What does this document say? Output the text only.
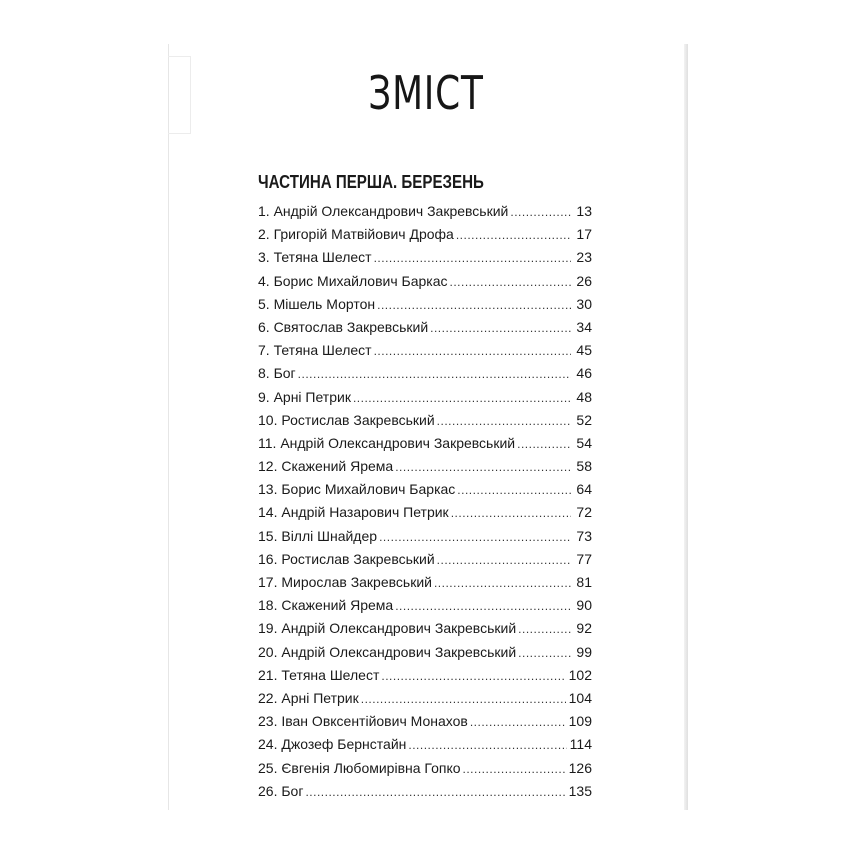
ЗМІСТ
ЧАСТИНА ПЕРША. БЕРЕЗЕНЬ
1. Андрій Олександрович Закревський .....	13
2. Григорій Матвійович Дрофа .....	17
3. Тетяна Шелест .....	23
4. Борис Михайлович Баркас .....	26
5. Мішель Мортон .....	30
6. Святослав Закревський .....	34
7. Тетяна Шелест .....	45
8. Бог .....	46
9. Арні Петрик .....	48
10. Ростислав Закревський .....	52
11. Андрій Олександрович Закревський .....	54
12. Скажений Ярема .....	58
13. Борис Михайлович Баркас .....	64
14. Андрій Назарович Петрик .....	72
15. Віллі Шнайдер .....	73
16. Ростислав Закревський .....	77
17. Мирослав Закревський .....	81
18. Скажений Ярема .....	90
19. Андрій Олександрович Закревський .....	92
20. Андрій Олександрович Закревський .....	99
21. Тетяна Шелест .....	102
22. Арні Петрик .....	104
23. Іван Овксентійович Монахов .....	109
24. Джозеф Бернстайн .....	114
25. Євгенія Любомирівна Гопко .....	126
26. Бог .....	135
